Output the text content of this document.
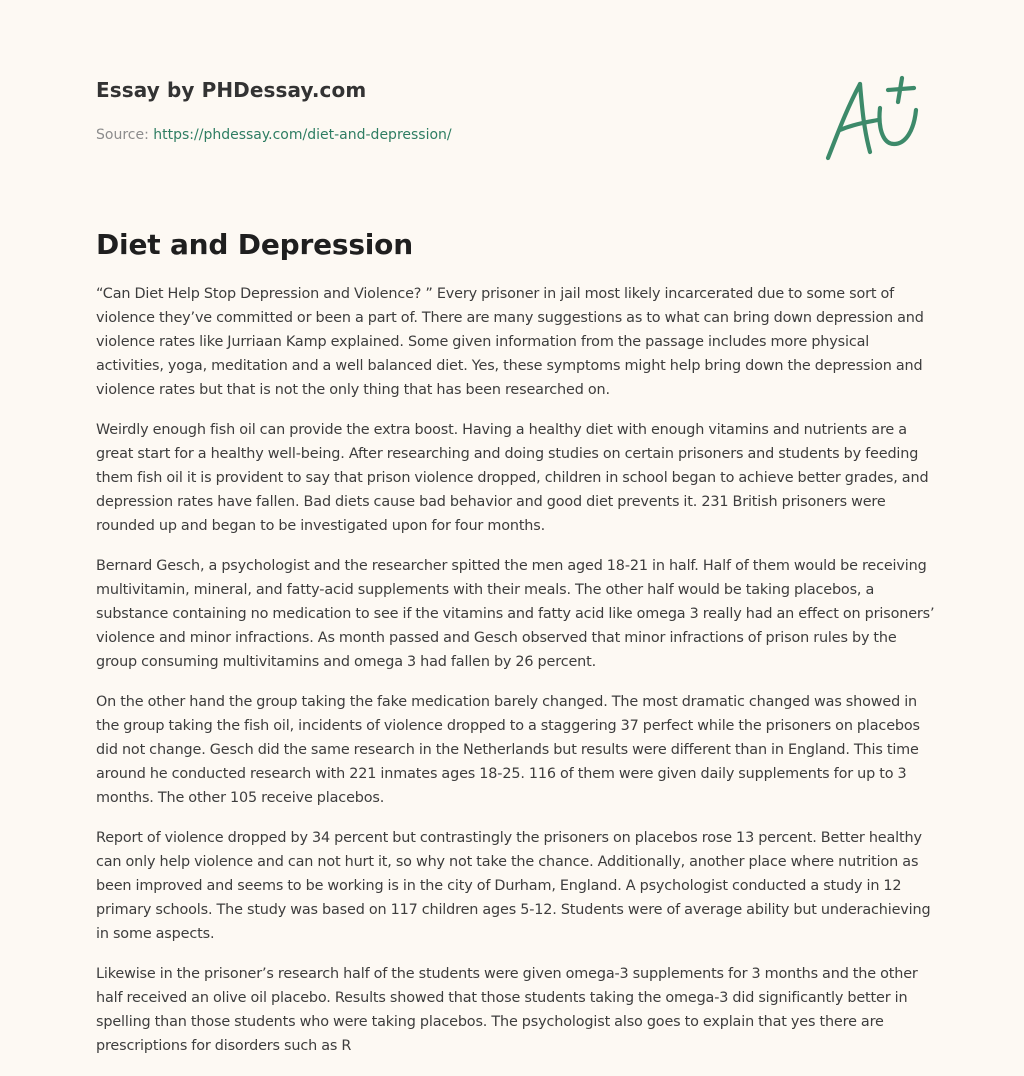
Essay by PHDessay.com
Source: https://phdessay.com/diet-and-depression/
Diet and Depression

“Can Diet Help Stop Depression and Violence? ” Every prisoner in jail most likely incarcerated due to some sort of violence they’ve committed or been a part of. There are many suggestions as to what can bring down depression and violence rates like Jurriaan Kamp explained. Some given information from the passage includes more physical activities, yoga, meditation and a well balanced diet. Yes, these symptoms might help bring down the depression and violence rates but that is not the only thing that has been researched on.

Weirdly enough fish oil can provide the extra boost. Having a healthy diet with enough vitamins and nutrients are a great start for a healthy well-being. After researching and doing studies on certain prisoners and students by feeding them fish oil it is provident to say that prison violence dropped, children in school began to achieve better grades, and depression rates have fallen. Bad diets cause bad behavior and good diet prevents it. 231 British prisoners were rounded up and began to be investigated upon for four months.

Bernard Gesch, a psychologist and the researcher spitted the men aged 18-21 in half. Half of them would be receiving multivitamin, mineral, and fatty-acid supplements with their meals. The other half would be taking placebos, a substance containing no medication to see if the vitamins and fatty acid like omega 3 really had an effect on prisoners’ violence and minor infractions. As month passed and Gesch observed that minor infractions of prison rules by the group consuming multivitamins and omega 3 had fallen by 26 percent.

On the other hand the group taking the fake medication barely changed. The most dramatic changed was showed in the group taking the fish oil, incidents of violence dropped to a staggering 37 perfect while the prisoners on placebos did not change. Gesch did the same research in the Netherlands but results were different than in England. This time around he conducted research with 221 inmates ages 18-25. 116 of them were given daily supplements for up to 3 months. The other 105 receive placebos.

Report of violence dropped by 34 percent but contrastingly the prisoners on placebos rose 13 percent. Better healthy can only help violence and can not hurt it, so why not take the chance. Additionally, another place where nutrition as been improved and seems to be working is in the city of Durham, England. A psychologist conducted a study in 12 primary schools. The study was based on 117 children ages 5-12. Students were of average ability but underachieving in some aspects.

Likewise in the prisoner’s research half of the students were given omega-3 supplements for 3 months and the other half received an olive oil placebo. Results showed that those students taking the omega-3 did significantly better in spelling than those students who were taking placebos. The psychologist also goes to explain that yes there are prescriptions for disorders such as R
